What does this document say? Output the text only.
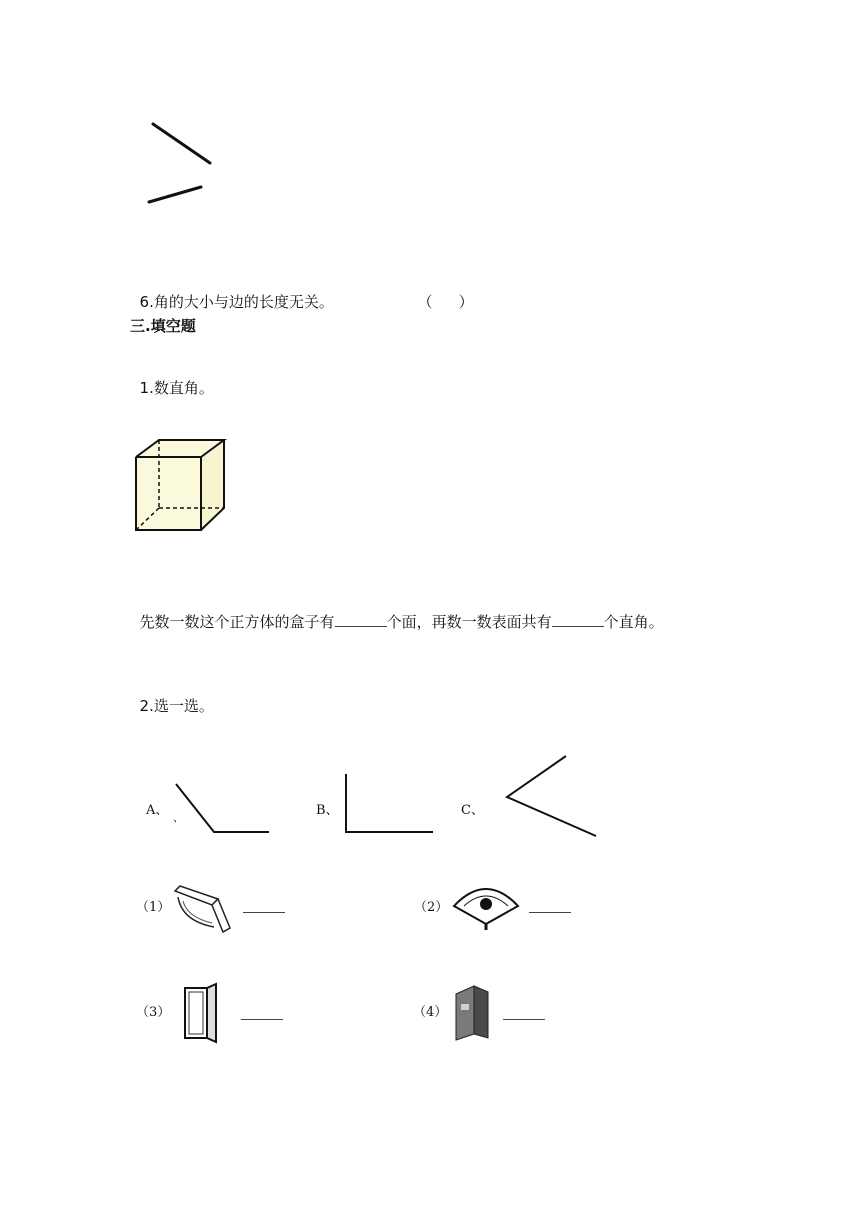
6.角的大小与边的长度无关。	（ ）

三.填空题

1.数直角。

先数一数这个正方体的盒子有	个面，再数一数表面共有	个直角。

2.选一选。

A、 、	B、	C、
（1）	（2）
（3）	（4）
